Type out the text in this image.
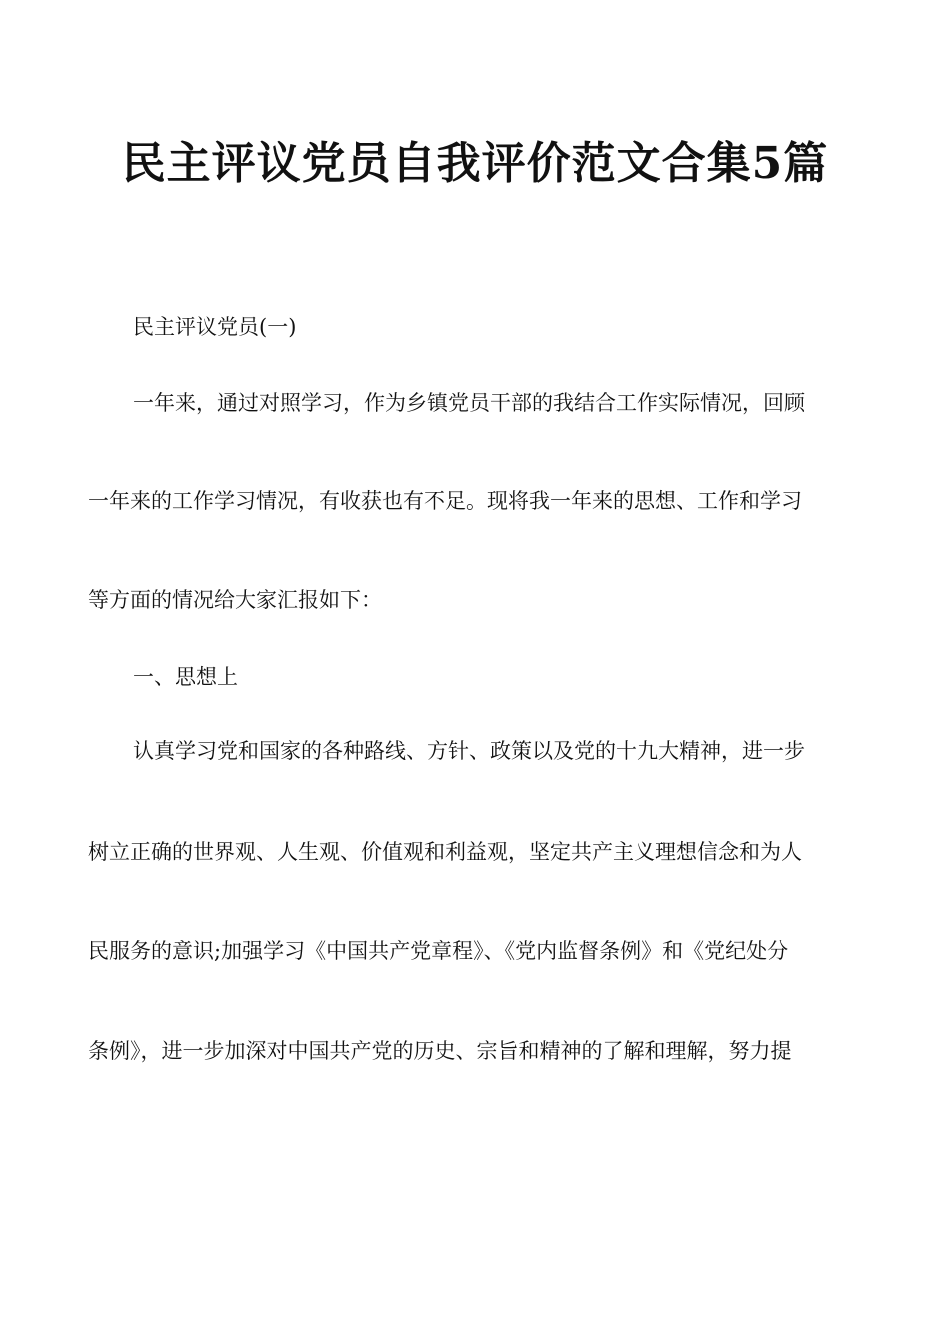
民主评议党员自我评价范文合集5篇

民主评议党员(一)

一年来，通过对照学习，作为乡镇党员干部的我结合工作实际情况，回顾

一年来的工作学习情况，有收获也有不足。现将我一年来的思想、工作和学习

等方面的情况给大家汇报如下：

一、思想上

认真学习党和国家的各种路线、方针、政策以及党的十九大精神，进一步

树立正确的世界观、人生观、价值观和利益观，坚定共产主义理想信念和为人

民服务的意识;加强学习《中国共产党章程》、《党内监督条例》和《党纪处分

条例》，进一步加深对中国共产党的历史、宗旨和精神的了解和理解，努力提
